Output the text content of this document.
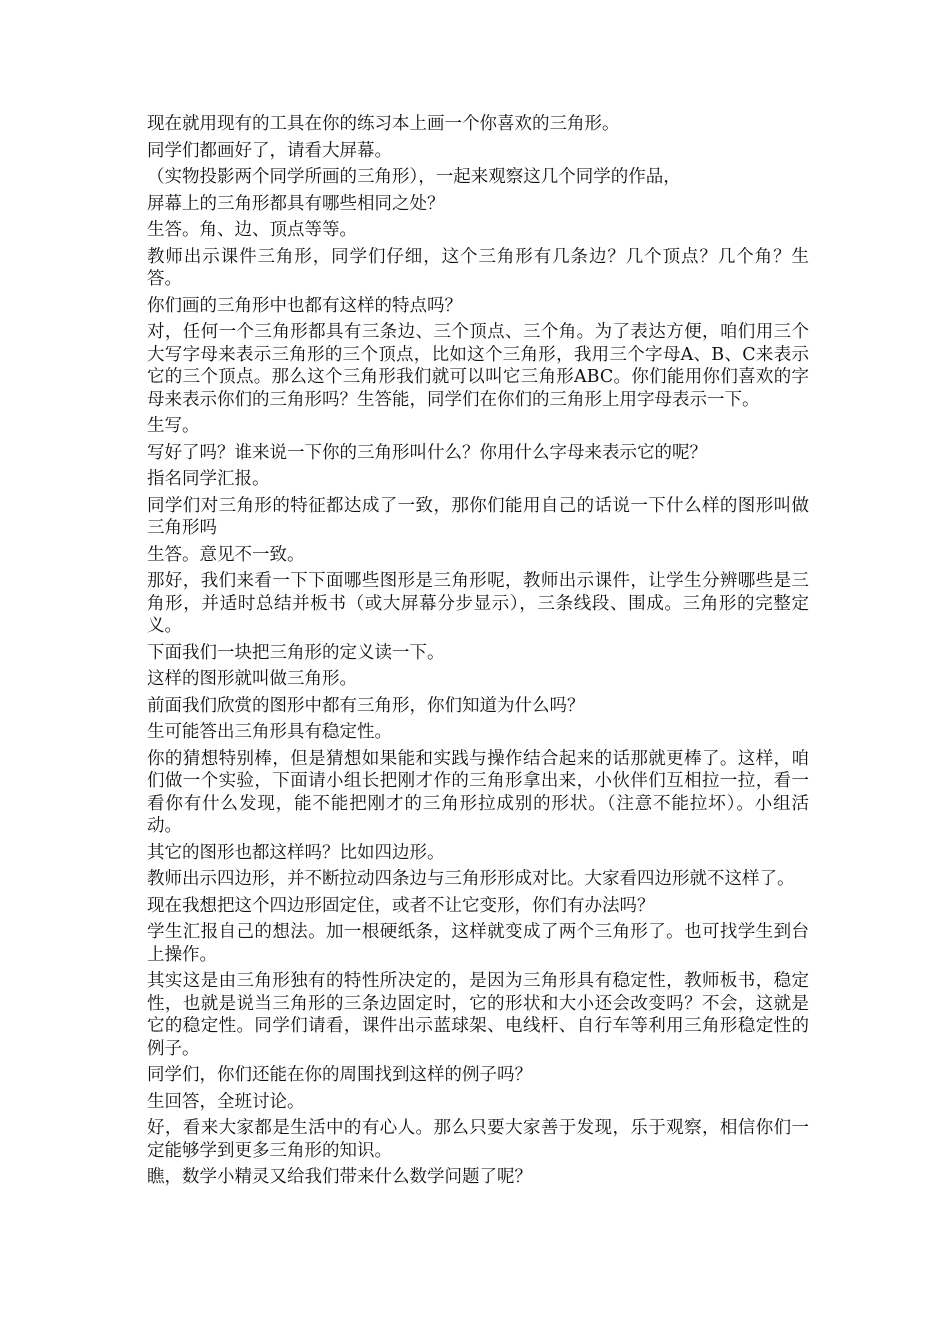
现在就用现有的工具在你的练习本上画一个你喜欢的三角形。

同学们都画好了，请看大屏幕。

（实物投影两个同学所画的三角形），一起来观察这几个同学的作品，

屏幕上的三角形都具有哪些相同之处？

生答。角、边、顶点等等。

教师出示课件三角形，同学们仔细，这个三角形有几条边？几个顶点？几个角？生答。

你们画的三角形中也都有这样的特点吗？

对，任何一个三角形都具有三条边、三个顶点、三个角。为了表达方便，咱们用三个大写字母来表示三角形的三个顶点，比如这个三角形，我用三个字母A、B、C来表示它的三个顶点。那么这个三角形我们就可以叫它三角形ABC。你们能用你们喜欢的字母来表示你们的三角形吗？生答能，同学们在你们的三角形上用字母表示一下。

生写。

写好了吗？谁来说一下你的三角形叫什么？你用什么字母来表示它的呢？

指名同学汇报。

同学们对三角形的特征都达成了一致，那你们能用自己的话说一下什么样的图形叫做三角形吗

生答。意见不一致。

那好，我们来看一下下面哪些图形是三角形呢，教师出示课件，让学生分辨哪些是三角形，并适时总结并板书（或大屏幕分步显示），三条线段、围成。三角形的完整定义。

下面我们一块把三角形的定义读一下。

这样的图形就叫做三角形。

前面我们欣赏的图形中都有三角形，你们知道为什么吗？

生可能答出三角形具有稳定性。

你的猜想特别棒，但是猜想如果能和实践与操作结合起来的话那就更棒了。这样，咱们做一个实验，下面请小组长把刚才作的三角形拿出来，小伙伴们互相拉一拉，看一看你有什么发现，能不能把刚才的三角形拉成别的形状。（注意不能拉坏）。小组活动。

其它的图形也都这样吗？比如四边形。

教师出示四边形，并不断拉动四条边与三角形形成对比。大家看四边形就不这样了。

现在我想把这个四边形固定住，或者不让它变形，你们有办法吗？

学生汇报自己的想法。加一根硬纸条，这样就变成了两个三角形了。也可找学生到台上操作。

其实这是由三角形独有的特性所决定的，是因为三角形具有稳定性，教师板书，稳定性，也就是说当三角形的三条边固定时，它的形状和大小还会改变吗？不会，这就是它的稳定性。同学们请看，课件出示蓝球架、电线杆、自行车等利用三角形稳定性的例子。

同学们，你们还能在你的周围找到这样的例子吗？

生回答，全班讨论。

好，看来大家都是生活中的有心人。那么只要大家善于发现，乐于观察，相信你们一定能够学到更多三角形的知识。

瞧，数学小精灵又给我们带来什么数学问题了呢？
